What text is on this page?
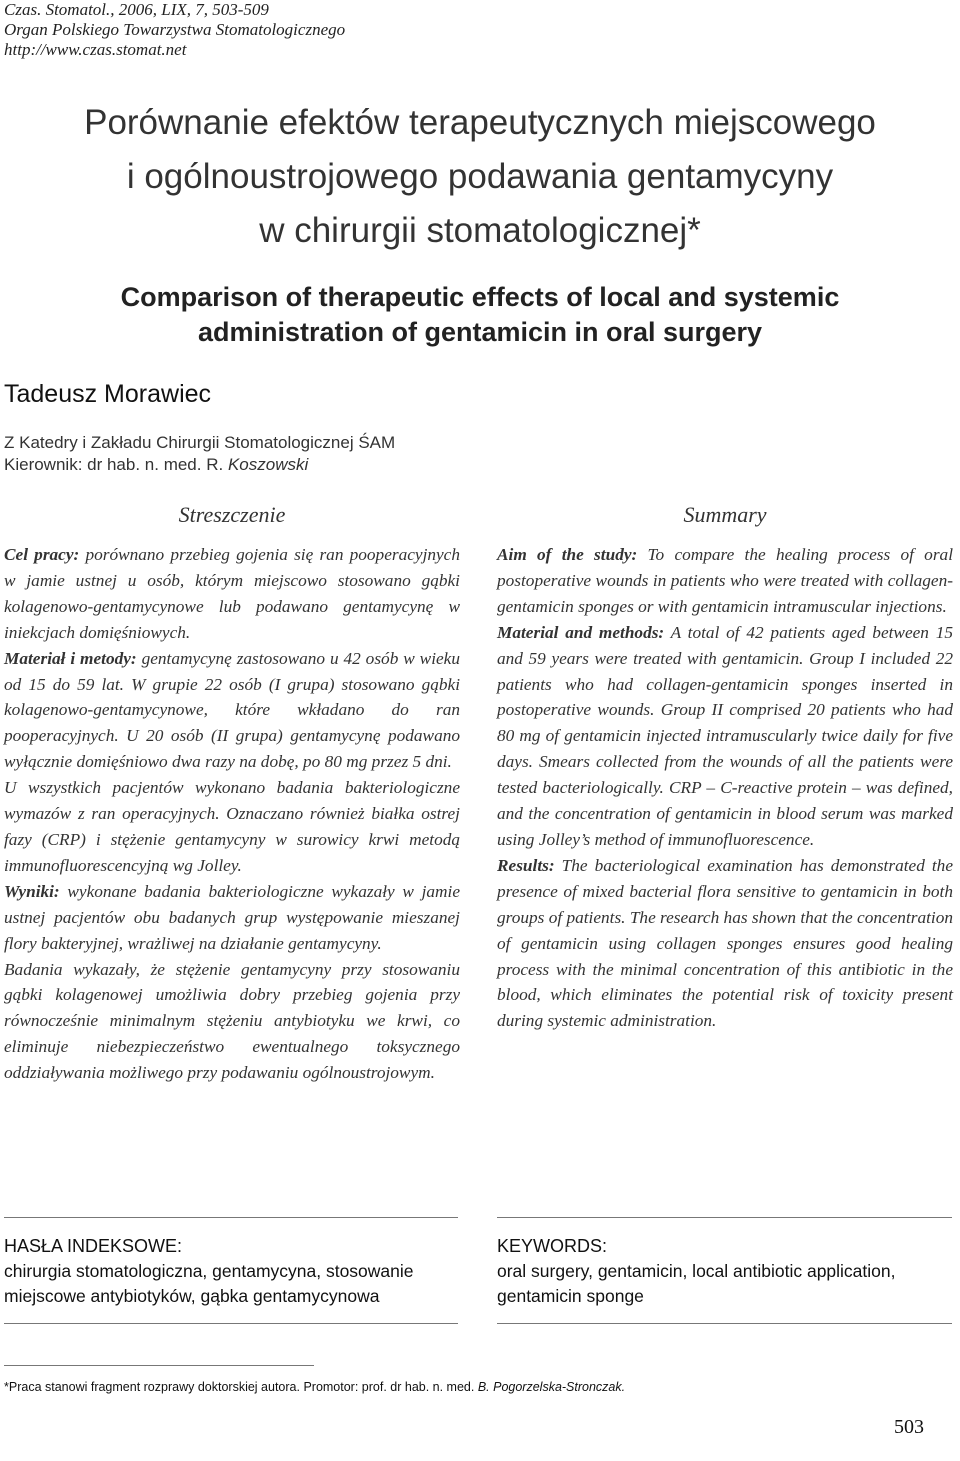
Czas. Stomatol., 2006, LIX, 7, 503-509
Organ Polskiego Towarzystwa Stomatologicznego
http://www.czas.stomat.net
Porównanie efektów terapeutycznych miejscowego
i ogólnoustrojowego podawania gentamycyny
w chirurgii stomatologicznej*
Comparison of therapeutic effects of local and systemic
administration of gentamicin in oral surgery
Tadeusz Morawiec
Z Katedry i Zakładu Chirurgii Stomatologicznej ŚAM
Kierownik: dr hab. n. med. R. Koszowski
Streszczenie

Cel pracy: porównano przebieg gojenia się ran pooperacyjnych w jamie ustnej u osób, którym miejscowo stosowano gąbki kolagenowo-gentamycynowe lub podawano gentamycynę w iniekcjach domięśniowych.

Materiał i metody: gentamycynę zastosowano u 42 osób w wieku od 15 do 59 lat. W grupie 22 osób (I grupa) stosowano gąbki kolagenowo-gentamycynowe, które wkładano do ran pooperacyjnych. U 20 osób (II grupa) gentamycynę podawano wyłącznie domięśniowo dwa razy na dobę, po 80 mg przez 5 dni.

U wszystkich pacjentów wykonano badania bakteriologiczne wymazów z ran operacyjnych. Oznaczano również białka ostrej fazy (CRP) i stężenie gentamycyny w surowicy krwi metodą immunofluorescencyjną wg Jolley.

Wyniki: wykonane badania bakteriologiczne wykazały w jamie ustnej pacjentów obu badanych grup występowanie mieszanej flory bakteryjnej, wrażliwej na działanie gentamycyny.

Badania wykazały, że stężenie gentamycyny przy stosowaniu gąbki kolagenowej umożliwia dobry przebieg gojenia przy równocześnie minimalnym stężeniu antybiotyku we krwi, co eliminuje niebezpieczeństwo ewentualnego toksycznego oddziaływania możliwego przy podawaniu ogólnoustrojowym.

Summary

Aim of the study: To compare the healing process of oral postoperative wounds in patients who were treated with collagen-gentamicin sponges or with gentamicin intramuscular injections.

Material and methods: A total of 42 patients aged between 15 and 59 years were treated with gentamicin. Group I included 22 patients who had collagen-gentamicin sponges inserted in postoperative wounds. Group II comprised 20 patients who had 80 mg of gentamicin injected intramuscularly twice daily for five days. Smears collected from the wounds of all the patients were tested bacteriologically. CRP – C-reactive protein – was defined, and the concentration of gentamicin in blood serum was marked using Jolley’s method of immunofluorescence.

Results: The bacteriological examination has demonstrated the presence of mixed bacterial flora sensitive to gentamicin in both groups of patients. The research has shown that the concentration of gentamicin using collagen sponges ensures good healing process with the minimal concentration of this antibiotic in the blood, which eliminates the potential risk of toxicity present during systemic administration.

HASŁA INDEKSOWE:
chirurgia stomatologiczna, gentamycyna, stosowanie
miejscowe antybiotyków, gąbka gentamycynowa
KEYWORDS:
oral surgery, gentamicin, local antibiotic application,
gentamicin sponge
*Praca stanowi fragment rozprawy doktorskiej autora. Promotor: prof. dr hab. n. med. B. Pogorzelska-Stronczak.
503
